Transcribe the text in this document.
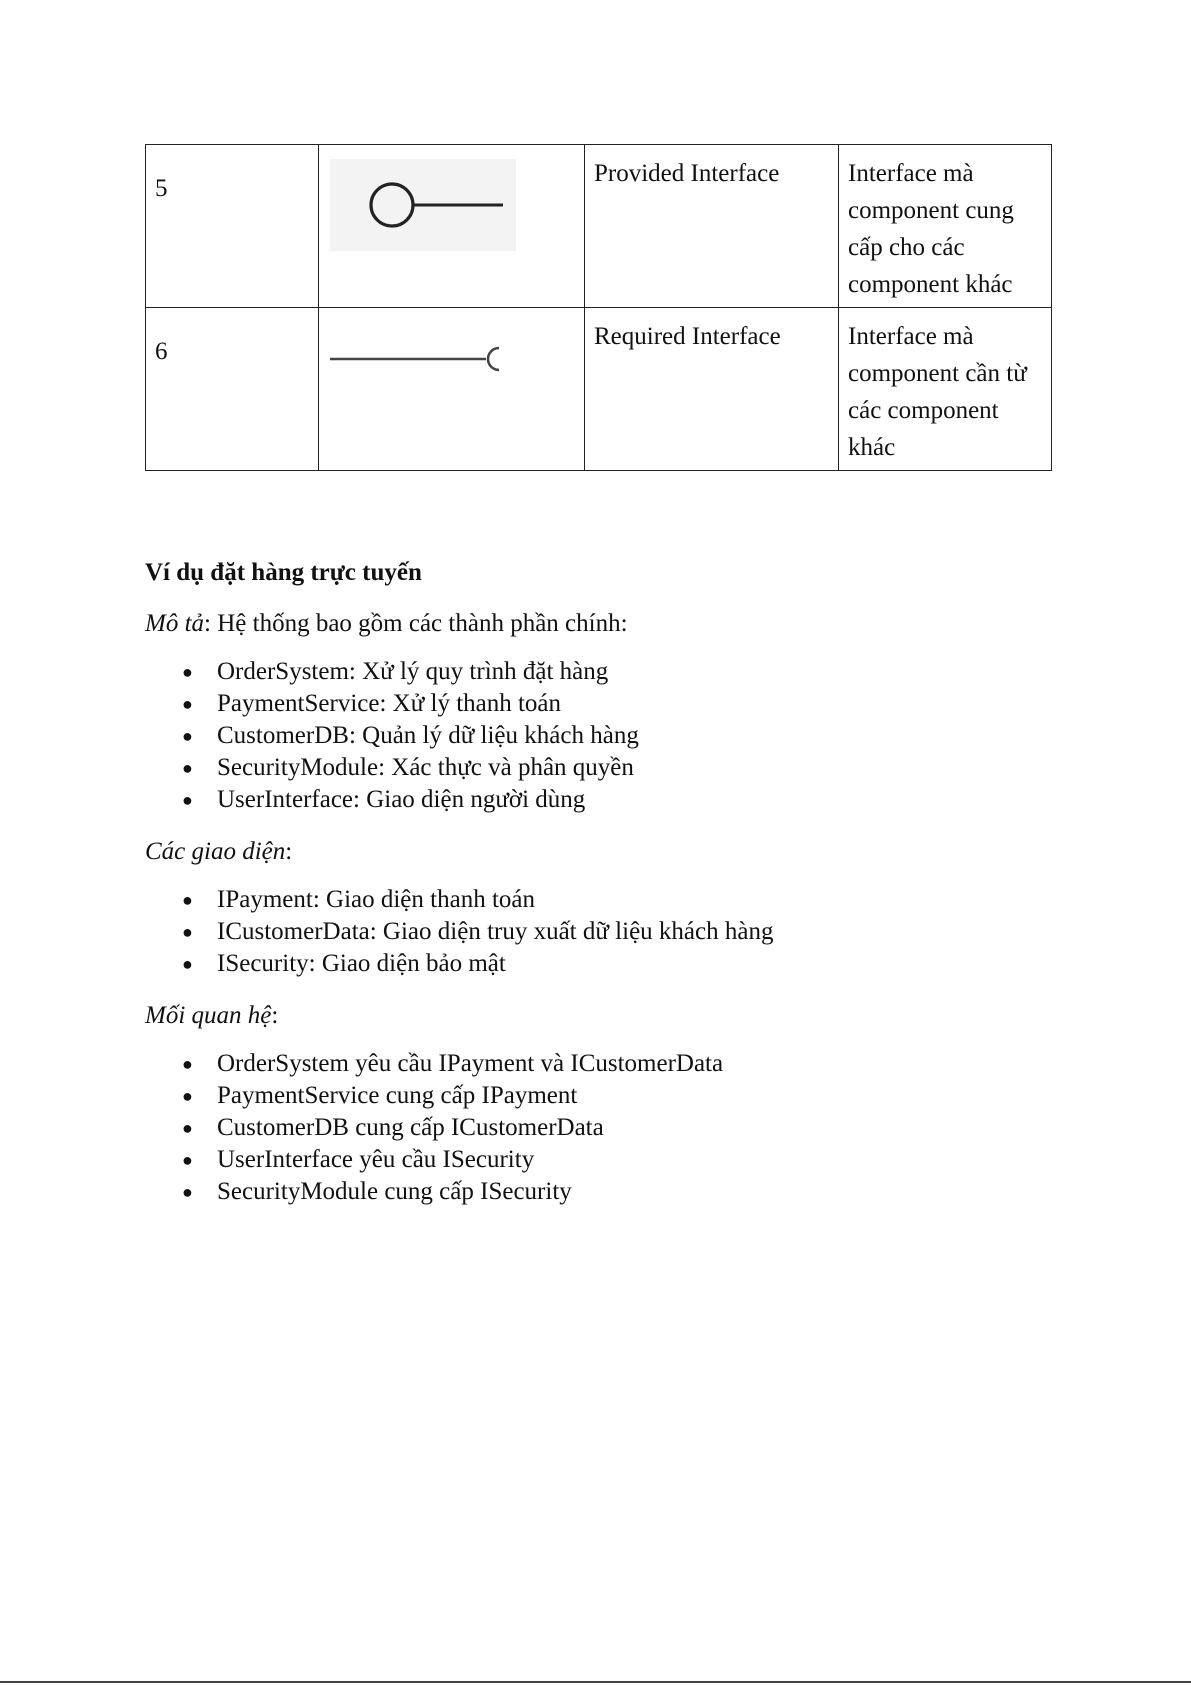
5		Provided Interface	Interface mà component cung cấp cho các component khác

6		Required Interface	Interface mà component cần từ các component khác

Ví dụ đặt hàng trực tuyến

Mô tả: Hệ thống bao gồm các thành phần chính:

● OrderSystem: Xử lý quy trình đặt hàng
● PaymentService: Xử lý thanh toán
● CustomerDB: Quản lý dữ liệu khách hàng
● SecurityModule: Xác thực và phân quyền
● UserInterface: Giao diện người dùng

Các giao diện:

● IPayment: Giao diện thanh toán
● ICustomerData: Giao diện truy xuất dữ liệu khách hàng
● ISecurity: Giao diện bảo mật

Mối quan hệ:

● OrderSystem yêu cầu IPayment và ICustomerData
● PaymentService cung cấp IPayment
● CustomerDB cung cấp ICustomerData
● UserInterface yêu cầu ISecurity
● SecurityModule cung cấp ISecurity
